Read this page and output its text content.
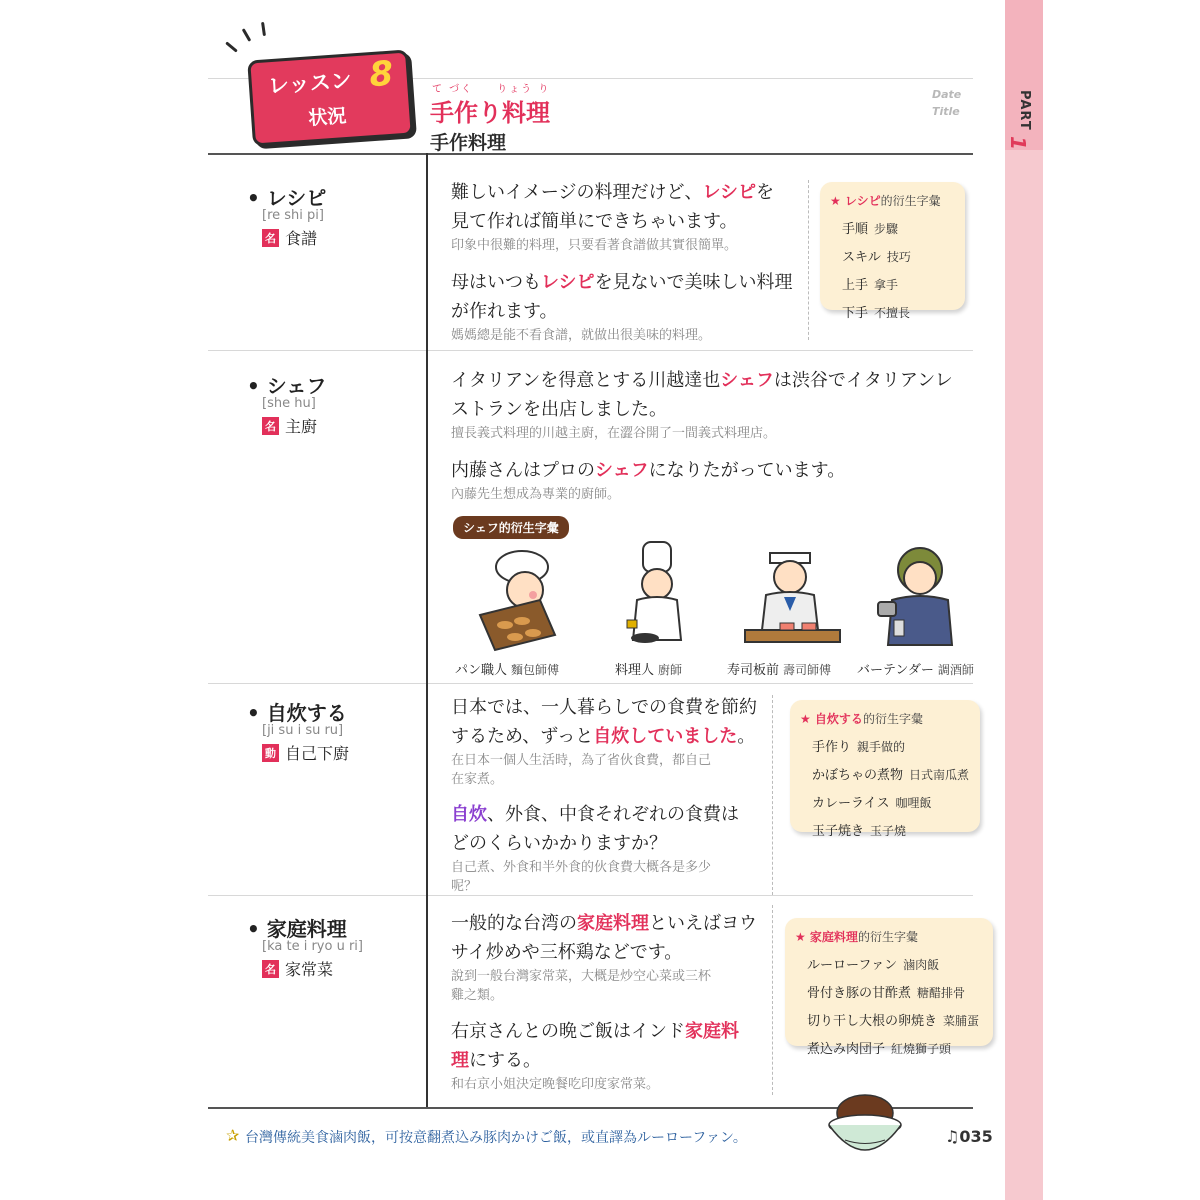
PART
1
レッスン 8
状況
て づく　　りょう り
手作り料理
手作料理
Date
Title
• レシピ
[re shi pi]
名 食譜
難しいイメージの料理だけど、レシピを
見て作れば簡単にできちゃいます。
印象中很難的料理，只要看著食譜做其實很簡單。
母はいつもレシピを見ないで美味しい料理
が作れます。
媽媽總是能不看食譜，就做出很美味的料理。
★ レシピ的衍生字彙
手順 步驟
スキル 技巧
上手 拿手
下手 不擅長
• シェフ
[she hu]
名 主廚
イタリアンを得意とする川越達也シェフは渋谷でイタリアンレ
ストランを出店しました。
擅長義式料理的川越主廚，在澀谷開了一間義式料理店。
内藤さんはプロのシェフになりたがっています。
內藤先生想成為專業的廚師。
シェフ的衍生字彙
パン職人 麵包師傅	料理人 廚師	寿司板前 壽司師傅 バーテンダー 調酒師
• 自炊する
[ji su i su ru]
動 自己下廚
日本では、一人暮らしでの食費を節約
するため、ずっと自炊していました。
在日本一個人生活時，為了省伙食費，都自己
在家煮。
自炊、外食、中食それぞれの食費は
どのくらいかかりますか？
自己煮、外食和半外食的伙食費大概各是多少
呢？
★ 自炊する的衍生字彙
手作り 親手做的
かぼちゃの煮物 日式南瓜煮
カレーライス 咖哩飯
玉子焼き 玉子燒
• 家庭料理
[ka te i ryo u ri]
名 家常菜
一般的な台湾の家庭料理といえばヨウ
サイ炒めや三杯鶏などです。
說到一般台灣家常菜，大概是炒空心菜或三杯
雞之類。
右京さんとの晩ご飯はインド家庭料
理にする。
和右京小姐決定晚餐吃印度家常菜。
★ 家庭料理的衍生字彙
ルーローファン 滷肉飯
骨付き豚の甘酢煮 糖醋排骨
切り干し大根の卵焼き 菜脯蛋
煮込み肉団子 紅燒獅子頭
✰ 台灣傳統美食滷肉飯，可按意翻煮込み豚肉かけご飯，或直譯為ルーローファン。	♫035
